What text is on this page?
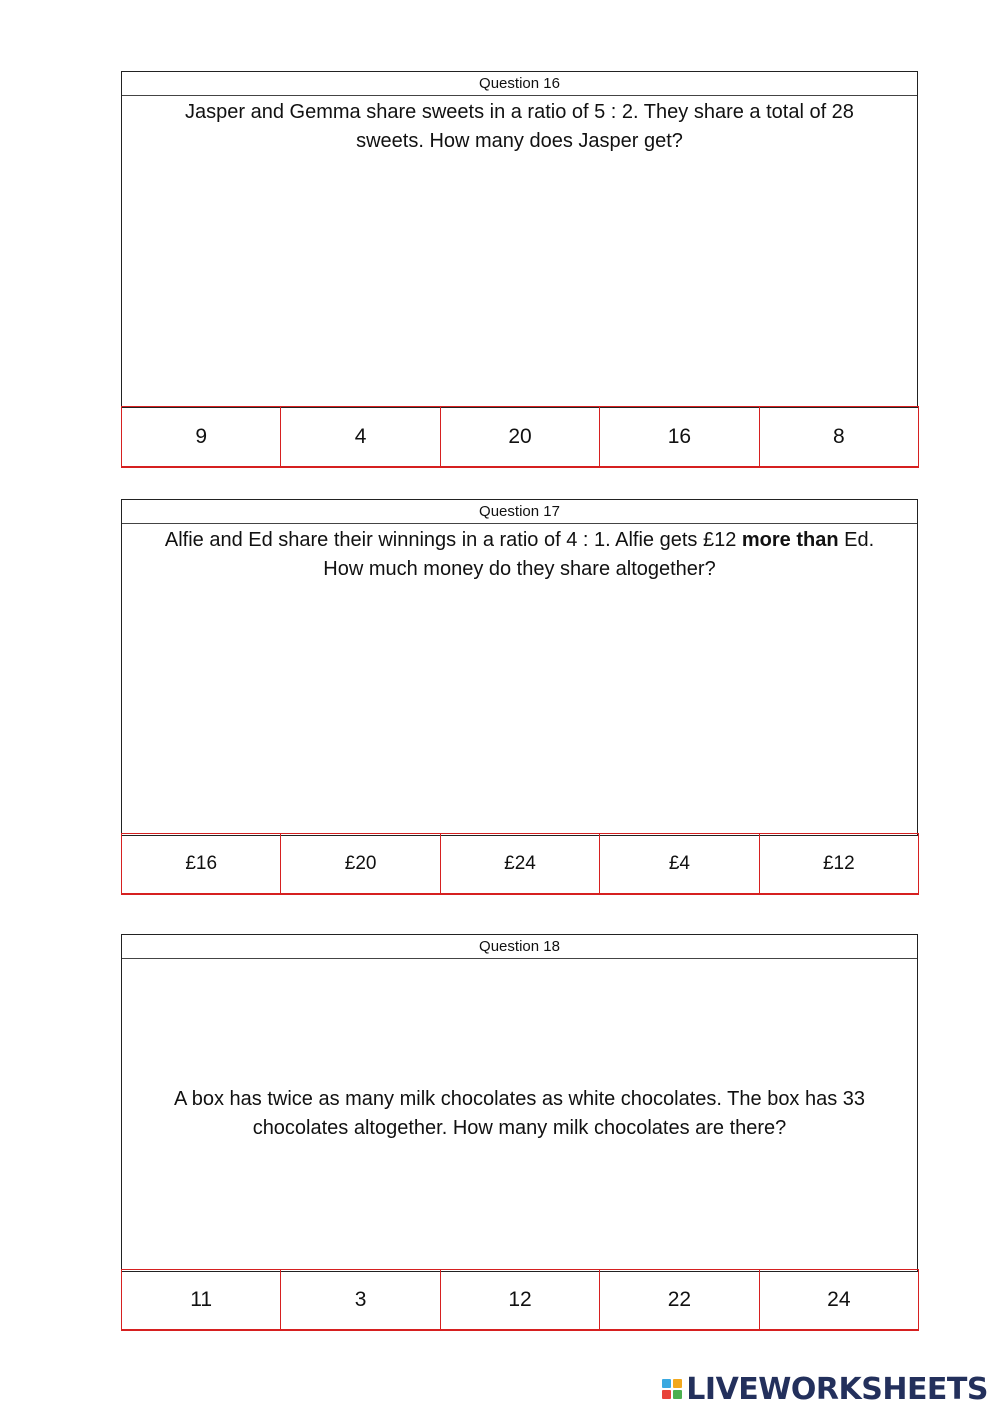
Question 16
Jasper and Gemma share sweets in a ratio of 5 : 2. They share a total of 28 sweets. How many does Jasper get?
9	4	20	16	8
Question 17
Alfie and Ed share their winnings in a ratio of 4 : 1. Alfie gets £12 more than Ed. How much money do they share altogether?
£16	£20	£24	£4	£12
Question 18
A box has twice as many milk chocolates as white chocolates. The box has 33 chocolates altogether. How many milk chocolates are there?
11	3	12	22	24
LIVEWORKSHEETS
